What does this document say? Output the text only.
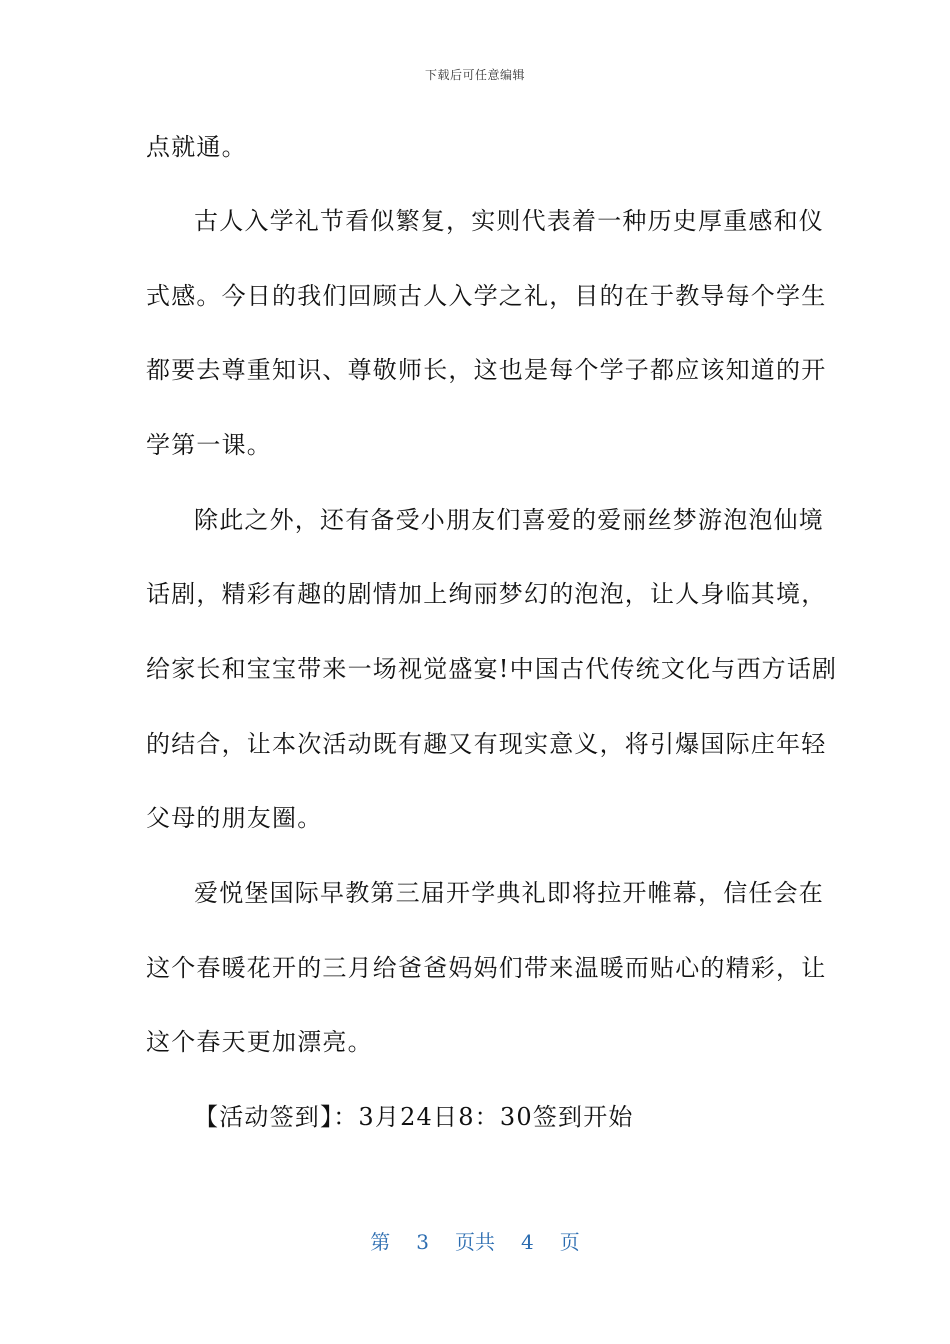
下载后可任意编辑
点就通。
古人入学礼节看似繁复，实则代表着一种历史厚重感和仪
式感。今日的我们回顾古人入学之礼，目的在于教导每个学生
都要去尊重知识、尊敬师长，这也是每个学子都应该知道的开
学第一课。
除此之外，还有备受小朋友们喜爱的爱丽丝梦游泡泡仙境
话剧，精彩有趣的剧情加上绚丽梦幻的泡泡，让人身临其境，
给家长和宝宝带来一场视觉盛宴!中国古代传统文化与西方话剧
的结合，让本次活动既有趣又有现实意义，将引爆国际庄年轻
父母的朋友圈。
爱悦堡国际早教第三届开学典礼即将拉开帷幕，信任会在
这个春暖花开的三月给爸爸妈妈们带来温暖而贴心的精彩，让
这个春天更加漂亮。
【活动签到】：3月24日8：30签到开始
第 3 页共 4 页
